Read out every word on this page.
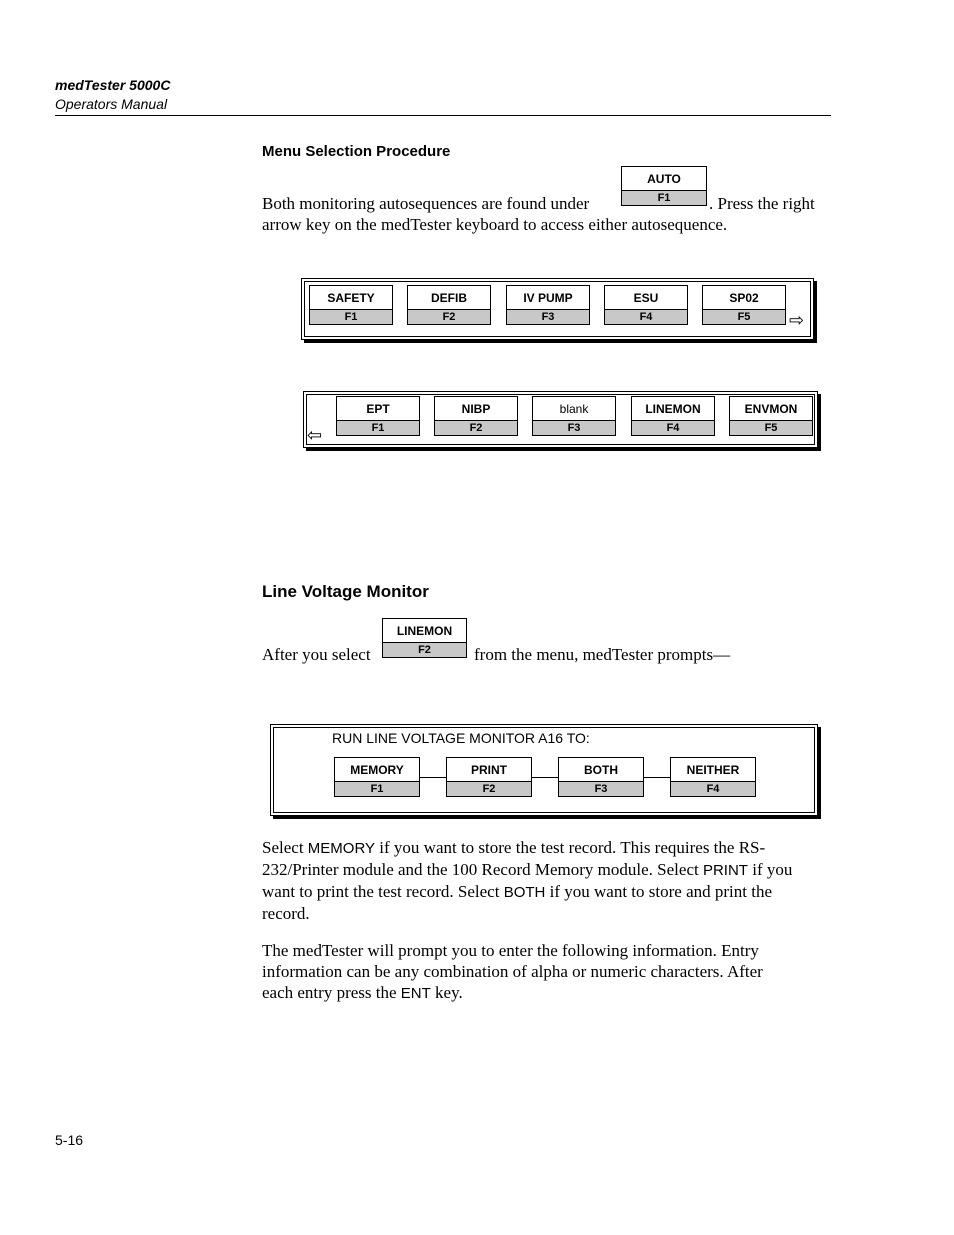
medTester 5000C
Operators Manual
Menu Selection Procedure
AUTO
F1
Both monitoring autosequences are found under	. Press the right
arrow key on the medTester keyboard to access either autosequence.
SAFETY
F1
DEFIB
F2
IV PUMP
F3
ESU
F4
SP02
F5	⇨
⇦
EPT
F1
NIBP
F2
blank
F3
LINEMON
F4
ENVMON
F5
Line Voltage Monitor
LINEMON
F2
After you select	from the menu, medTester prompts—
RUN LINE VOLTAGE MONITOR A16 TO:
MEMORY
F1
PRINT
F2
BOTH
F3
NEITHER
F4
Select MEMORY if you want to store the test record. This requires the RS-
232/Printer module and the 100 Record Memory module. Select PRINT if you
want to print the test record. Select BOTH if you want to store and print the
record.
The medTester will prompt you to enter the following information. Entry
information can be any combination of alpha or numeric characters. After
each entry press the ENT key.
5-16
